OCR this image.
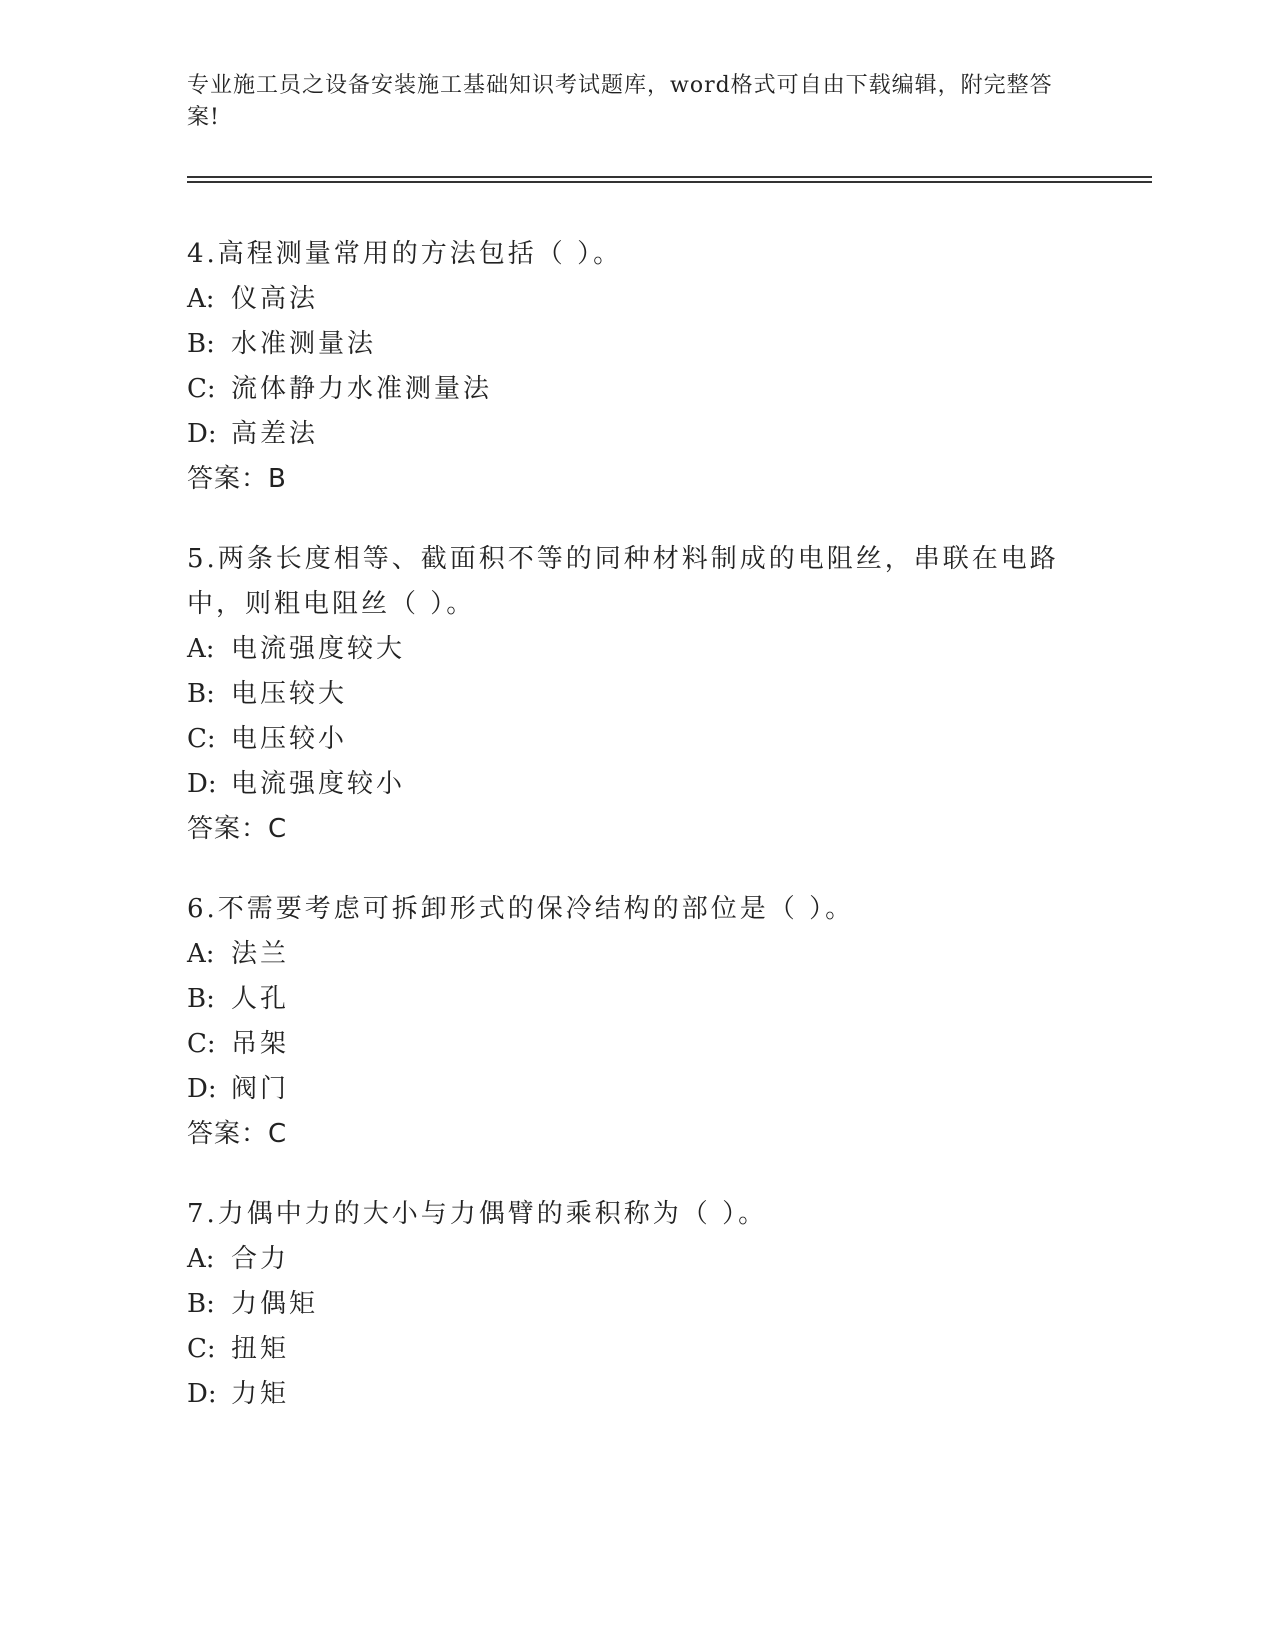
专业施工员之设备安装施工基础知识考试题库，word格式可自由下载编辑，附完整答案!

4.高程测量常用的方法包括（ ）。

A: 仪高法

B: 水准测量法

C: 流体静力水准测量法

D: 高差法

答案：B

5.两条长度相等、截面积不等的同种材料制成的电阻丝，串联在电路中，则粗电阻丝（ ）。

A: 电流强度较大

B: 电压较大

C: 电压较小

D: 电流强度较小

答案：C

6.不需要考虑可拆卸形式的保冷结构的部位是（ ）。

A: 法兰

B: 人孔

C: 吊架

D: 阀门

答案：C

7.力偶中力的大小与力偶臂的乘积称为（ ）。

A: 合力

B: 力偶矩

C: 扭矩

D: 力矩
